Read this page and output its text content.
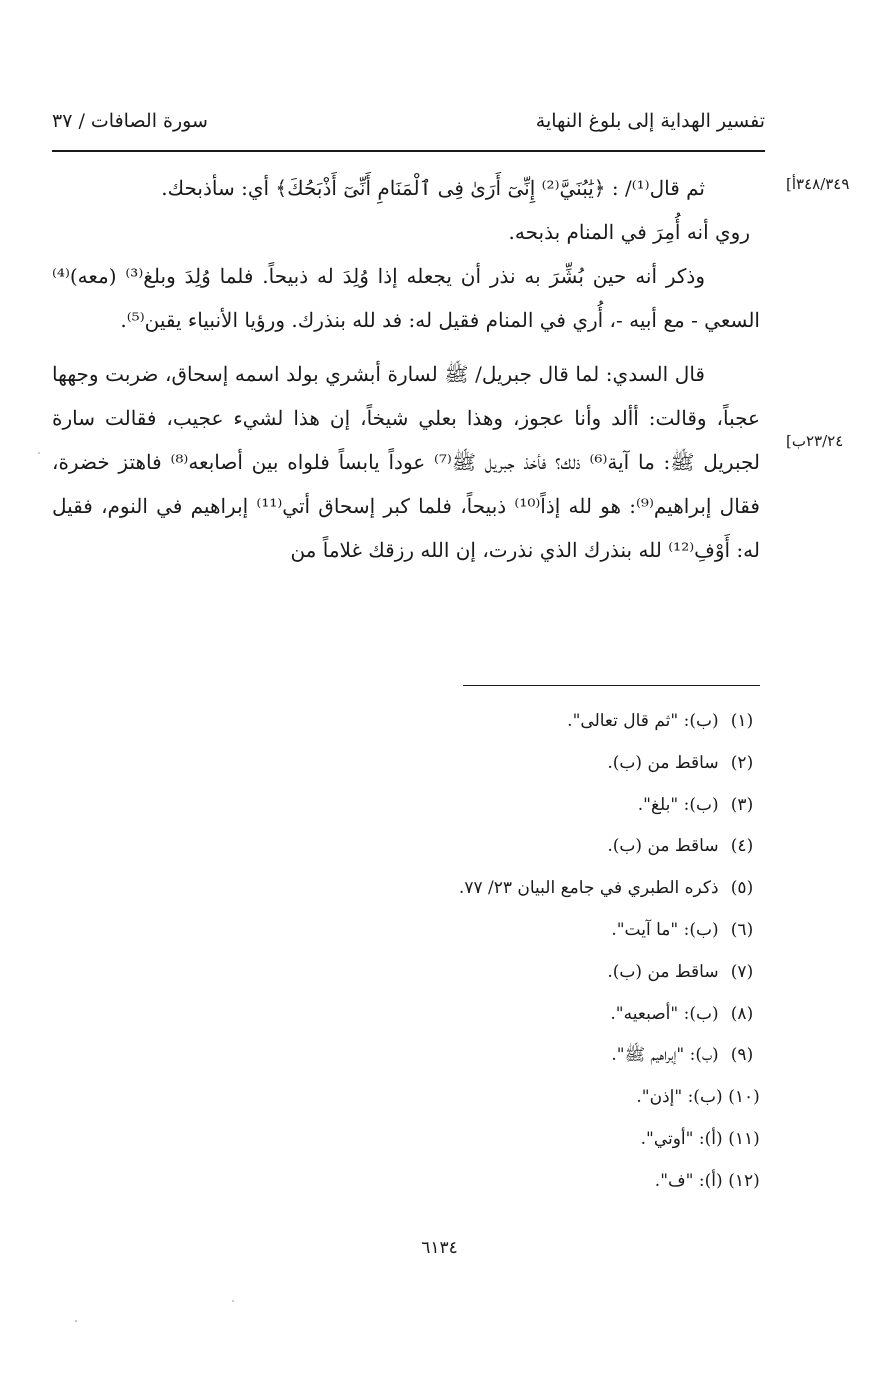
تفسير الهداية إلى بلوغ النهاية
سورة الصافات / ٣٧
٣٤٨/٣٤٩أ]
٢٣/٢٤ب]

ثم قال⁽¹⁾/ : ﴿يَٰبُنَيَّ⁽²⁾ إِنِّىٓ أَرَىٰ فِى ٱلْمَنَامِ أَنِّىٓ أَذْبَحُكَ﴾ أي: سأذبحك.

روي أنه أُمِرَ في المنام بذبحه.

وذكر أنه حين بُشِّرَ به نذر أن يجعله إذا وُلِدَ له ذبيحاً. فلما وُلِدَ وبلغ⁽³⁾ (معه)⁽⁴⁾ السعي - مع أبيه -، أُري في المنام فقيل له: فد لله بنذرك. ورؤيا الأنبياء يقين⁽⁵⁾.

قال السدي: لما قال جبريل/ ﷺ لسارة أبشري بولد اسمه إسحاق، ضربت وجهها عجباً، وقالت: أألد وأنا عجوز، وهذا بعلي شيخاً، إن هذا لشيء عجيب، فقالت سارة لجبريل ﷺ: ما آية⁽⁶⁾ ذلك؟ فأخذ جبريل ﷺ⁽⁷⁾ عوداً يابساً فلواه بين أصابعه⁽⁸⁾ فاهتز خضرة، فقال إبراهيم⁽⁹⁾: هو لله إذاً⁽¹⁰⁾ ذبيحاً، فلما كبر إسحاق أتي⁽¹¹⁾ إبراهيم في النوم، فقيل له: أَوْفِ⁽¹²⁾ لله بنذرك الذي نذرت، إن الله رزقك غلاماً من

(١) (ب): "ثم قال تعالى".
(٢) ساقط من (ب).
(٣) (ب): "بلغ".
(٤) ساقط من (ب).
(٥) ذكره الطبري في جامع البيان ٢٣/ ٧٧.
(٦) (ب): "ما آيت".
(٧) ساقط من (ب).
(٨) (ب): "أصبعيه".
(٩) (ب): "إبراهيم ﷺ".
(١٠) (ب): "إذن".
(١١) (أ): "أوتي".
(١٢) (أ): "ف".
٦١٣٤
